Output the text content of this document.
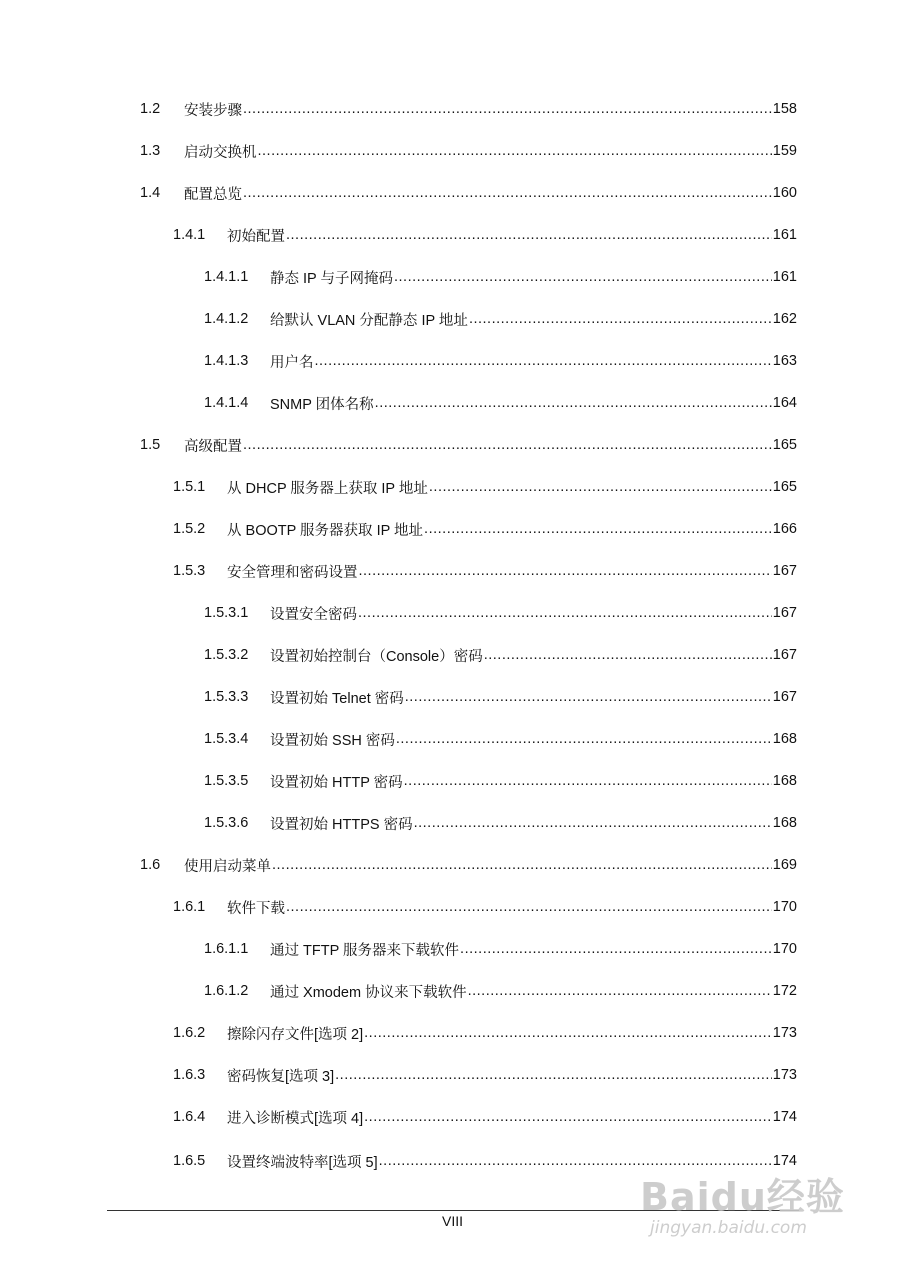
1.2	安装步骤 .....	158
1.3	启动交换机 .....	159
1.4	配置总览 .....	160
1.4.1	初始配置 .....	161
1.4.1.1	静态 IP 与子网掩码 .....	161
1.4.1.2	给默认 VLAN 分配静态 IP 地址 .....	162
1.4.1.3	用户名 .....	163
1.4.1.4	SNMP 团体名称 .....	164
1.5	高级配置 .....	165
1.5.1	从 DHCP 服务器上获取 IP 地址 .....	165
1.5.2	从 BOOTP 服务器获取 IP 地址 .....	166
1.5.3	安全管理和密码设置 .....	167
1.5.3.1	设置安全密码 .....	167
1.5.3.2	设置初始控制台（Console）密码 .....	167
1.5.3.3	设置初始 Telnet 密码 .....	167
1.5.3.4	设置初始 SSH 密码 .....	168
1.5.3.5	设置初始 HTTP 密码 .....	168
1.5.3.6	设置初始 HTTPS 密码 .....	168
1.6	使用启动菜单 .....	169
1.6.1	软件下载 .....	170
1.6.1.1	通过 TFTP 服务器来下载软件 .....	170
1.6.1.2	通过 Xmodem 协议来下载软件 .....	172
1.6.2	擦除闪存文件[选项 2] .....	173
1.6.3	密码恢复[选项 3] .....	173
1.6.4	进入诊断模式[选项 4] .....	174
1.6.5	设置终端波特率[选项 5] .....	174
VIII
Baidu经验
jingyan.baidu.com
